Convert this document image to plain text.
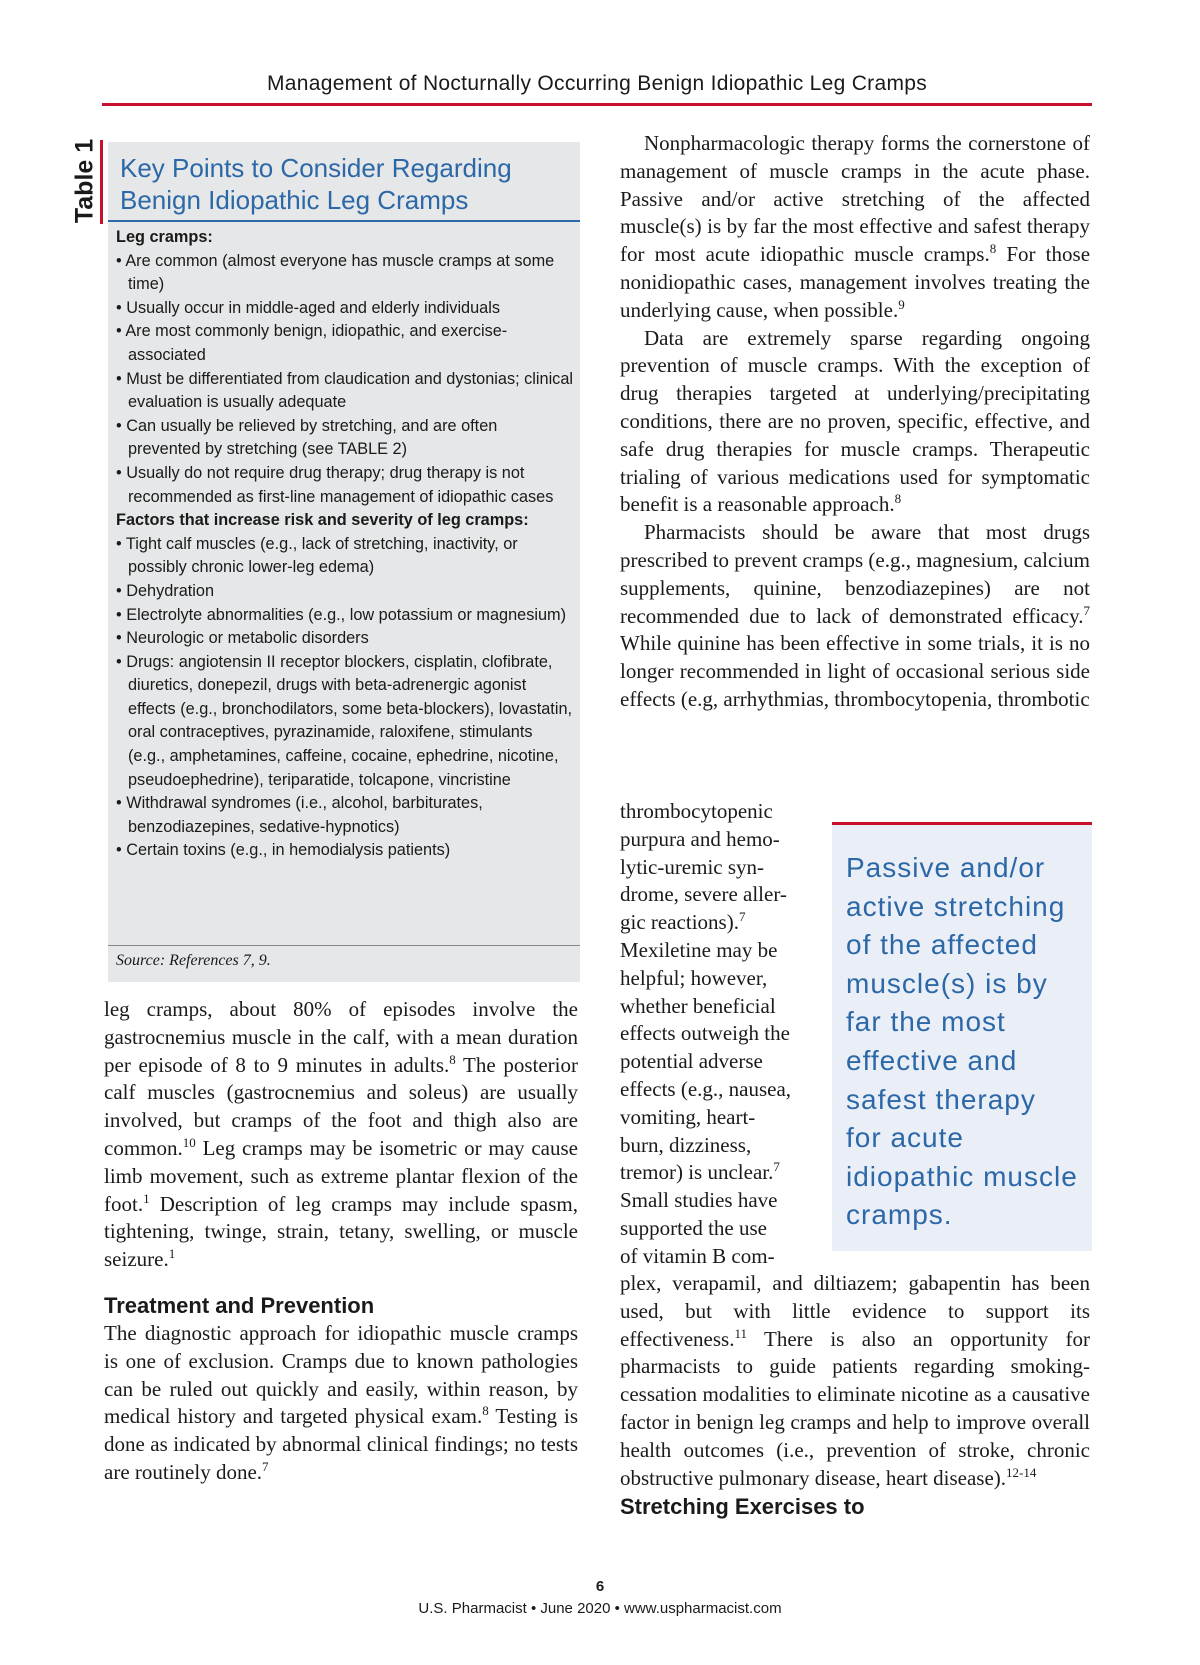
Management of Nocturnally Occurring Benign Idiopathic Leg Cramps
Table 1 Key Points to Consider Regarding
Benign Idiopathic Leg Cramps
Leg cramps:
• Are common (almost everyone has muscle cramps at some time)
• Usually occur in middle-aged and elderly individuals
• Are most commonly benign, idiopathic, and exercise-associated
• Must be differentiated from claudication and dystonias; clinical evaluation is usually adequate
• Can usually be relieved by stretching, and are often prevented by stretching (see TABLE 2)
• Usually do not require drug therapy; drug therapy is not recommended as first-line management of idiopathic cases
Factors that increase risk and severity of leg cramps:
• Tight calf muscles (e.g., lack of stretching, inactivity, or possibly chronic lower-leg edema)
• Dehydration
• Electrolyte abnormalities (e.g., low potassium or magnesium)
• Neurologic or metabolic disorders
• Drugs: angiotensin II receptor blockers, cisplatin, clofibrate, diuretics, donepezil, drugs with beta-adrenergic agonist effects (e.g., bronchodilators, some beta-blockers), lovastatin, oral contraceptives, pyrazinamide, raloxifene, stimulants (e.g., amphetamines, caffeine, cocaine, ephedrine, nicotine, pseudoephedrine), teriparatide, tolcapone, vincristine
• Withdrawal syndromes (i.e., alcohol, barbiturates, benzodiazepines, sedative-hypnotics)
• Certain toxins (e.g., in hemodialysis patients)
Source: References 7, 9.

leg cramps, about 80% of episodes involve the gastrocnemius muscle in the calf, with a mean duration per episode of 8 to 9 minutes in adults.$^8$ The posterior calf muscles (gastrocnemius and soleus) are usually involved, but cramps of the foot and thigh also are common.$^{10}$ Leg cramps may be isometric or may cause limb movement, such as extreme plantar flexion of the foot.$^1$ Description of leg cramps may include spasm, tightening, twinge, strain, tetany, swelling, or muscle seizure.$^1$

Treatment and Prevention

The diagnostic approach for idiopathic muscle cramps is one of exclusion. Cramps due to known pathologies can be ruled out quickly and easily, within reason, by medical history and targeted physical exam.$^8$ Testing is done as indicated by abnormal clinical findings; no tests are routinely done.$^7$

Nonpharmacologic therapy forms the cornerstone of management of muscle cramps in the acute phase. Passive and/or active stretching of the affected muscle(s) is by far the most effective and safest therapy for most acute idiopathic muscle cramps.$^8$ For those nonidiopathic cases, management involves treating the underlying cause, when possible.$^9$

Data are extremely sparse regarding ongoing prevention of muscle cramps. With the exception of drug therapies targeted at underlying/precipitating conditions, there are no proven, specific, effective, and safe drug therapies for muscle cramps. Therapeutic trialing of various medications used for symptomatic benefit is a reasonable approach.$^8$

Pharmacists should be aware that most drugs prescribed to prevent cramps (e.g., magnesium, calcium supplements, quinine, benzodiazepines) are not recommended due to lack of demonstrated efficacy.$^7$ While quinine has been effective in some trials, it is no longer recommended in light of occasional serious side effects (e.g, arrhythmias, thrombocytopenia, thrombotic

thrombocytopenic

purpura and hemo-

lytic-uremic syn-

drome, severe aller-

gic reactions).$^7$

Mexiletine may be

helpful; however,

whether beneficial

effects outweigh the

potential adverse

effects (e.g., nausea,

vomiting, heart-

burn, dizziness,

tremor) is unclear.$^7$

Small studies have

supported the use

of vitamin B com-

Passive and/or active stretching of the affected muscle(s) is by far the most effective and safest therapy for acute idiopathic muscle cramps.

plex, verapamil, and diltiazem; gabapentin has been used, but with little evidence to support its effectiveness.$^{11}$ There is also an opportunity for pharmacists to guide patients regarding smoking-cessation modalities to eliminate nicotine as a causative factor in benign leg cramps and help to improve overall health outcomes (i.e., prevention of stroke, chronic obstructive pulmonary disease, heart disease).$^{12-14}$

Stretching Exercises to
6
U.S. Pharmacist • June 2020 • www.uspharmacist.com
